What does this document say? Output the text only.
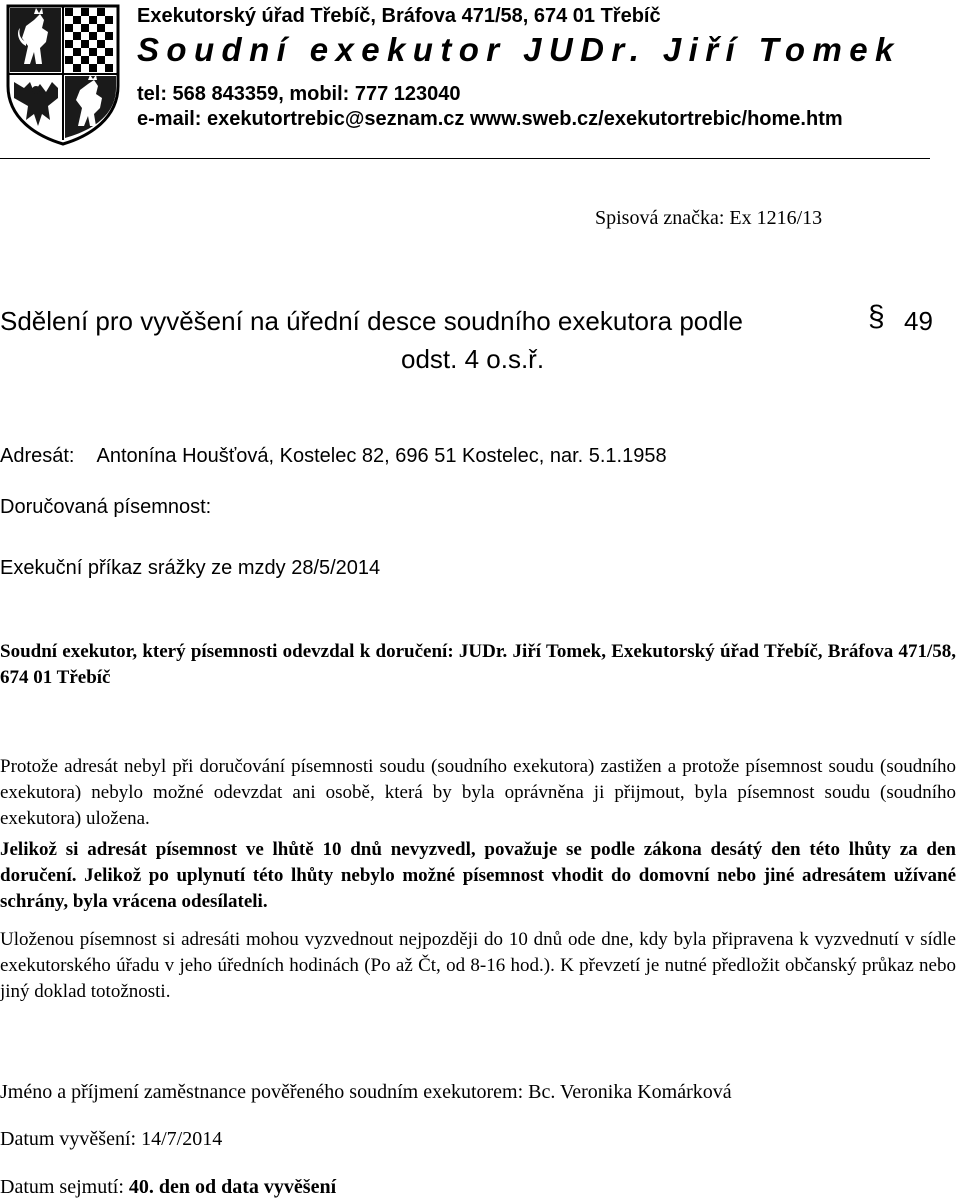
Exekutorský úřad Třebíč, Bráfova 471/58, 674 01 Třebíč
Soudní exekutor JUDr. Jiří Tomek
tel: 568 843359, mobil: 777 123040
e-mail: exekutortrebic@seznam.cz www.sweb.cz/exekutortrebic/home.htm
Spisová značka: Ex 1216/13
Sdělení pro vyvěšení na úřední desce soudního exekutora podle	§ 49
odst. 4 o.s.ř.
Adresát: Antonína Houšťová, Kostelec 82, 696 51 Kostelec, nar. 5.1.1958
Doručovaná písemnost:
Exekuční příkaz srážky ze mzdy 28/5/2014
Soudní exekutor, který písemnosti odevzdal k doručení: JUDr. Jiří Tomek, Exekutorský úřad Třebíč, Bráfova 471/58, 674 01 Třebíč
Protože adresát nebyl při doručování písemnosti soudu (soudního exekutora) zastižen a protože písemnost soudu (soudního exekutora) nebylo možné odevzdat ani osobě, která by byla oprávněna ji přijmout, byla písemnost soudu (soudního exekutora) uložena.
Jelikož si adresát písemnost ve lhůtě 10 dnů nevyzvedl, považuje se podle zákona desátý den této lhůty za den doručení. Jelikož po uplynutí této lhůty nebylo možné písemnost vhodit do domovní nebo jiné adresátem užívané schrány, byla vrácena odesílateli.
Uloženou písemnost si adresáti mohou vyzvednout nejpozději do 10 dnů ode dne, kdy byla připravena k vyzvednutí v sídle exekutorského úřadu v jeho úředních hodinách (Po až Čt, od 8-16 hod.). K převzetí je nutné předložit občanský průkaz nebo jiný doklad totožnosti.
Jméno a příjmení zaměstnance pověřeného soudním exekutorem: Bc. Veronika Komárková
Datum vyvěšení: 14/7/2014
Datum sejmutí: 40. den od data vyvěšení
